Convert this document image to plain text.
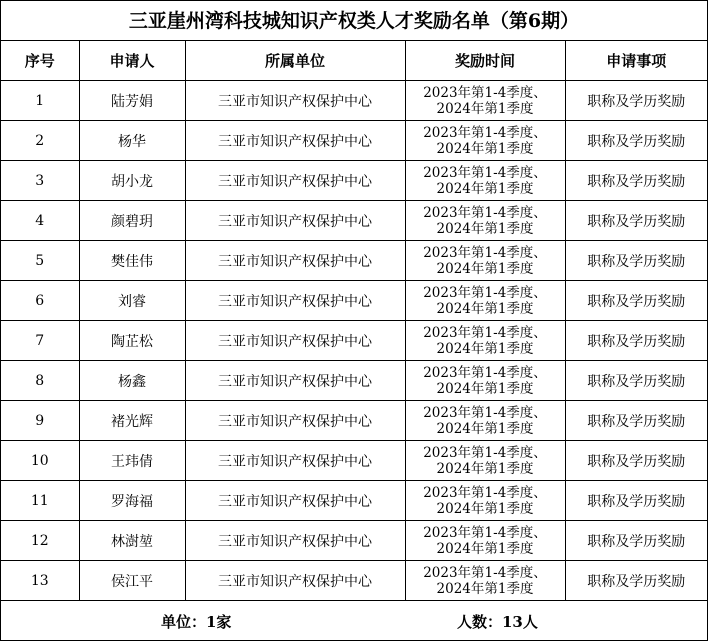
三亚崖州湾科技城知识产权类人才奖励名单（第6期）
序号	申请人	所属单位	奖励时间	申请事项
1	陆芳娟	三亚市知识产权保护中心	2023年第1-4季度、
2024年第1季度	职称及学历奖励
2	杨华	三亚市知识产权保护中心	2023年第1-4季度、
2024年第1季度	职称及学历奖励
3	胡小龙	三亚市知识产权保护中心	2023年第1-4季度、
2024年第1季度	职称及学历奖励
4	颜碧玥	三亚市知识产权保护中心	2023年第1-4季度、
2024年第1季度	职称及学历奖励
5	樊佳伟	三亚市知识产权保护中心	2023年第1-4季度、
2024年第1季度	职称及学历奖励
6	刘睿	三亚市知识产权保护中心	2023年第1-4季度、
2024年第1季度	职称及学历奖励
7	陶芷松	三亚市知识产权保护中心	2023年第1-4季度、
2024年第1季度	职称及学历奖励
8	杨鑫	三亚市知识产权保护中心	2023年第1-4季度、
2024年第1季度	职称及学历奖励
9	褚光辉	三亚市知识产权保护中心	2023年第1-4季度、
2024年第1季度	职称及学历奖励
10	王玮倩	三亚市知识产权保护中心	2023年第1-4季度、
2024年第1季度	职称及学历奖励
11	罗海福	三亚市知识产权保护中心	2023年第1-4季度、
2024年第1季度	职称及学历奖励
12	林澍堃	三亚市知识产权保护中心	2023年第1-4季度、
2024年第1季度	职称及学历奖励
13	侯江平	三亚市知识产权保护中心	2023年第1-4季度、
2024年第1季度	职称及学历奖励
单位：1家	人数：13人
